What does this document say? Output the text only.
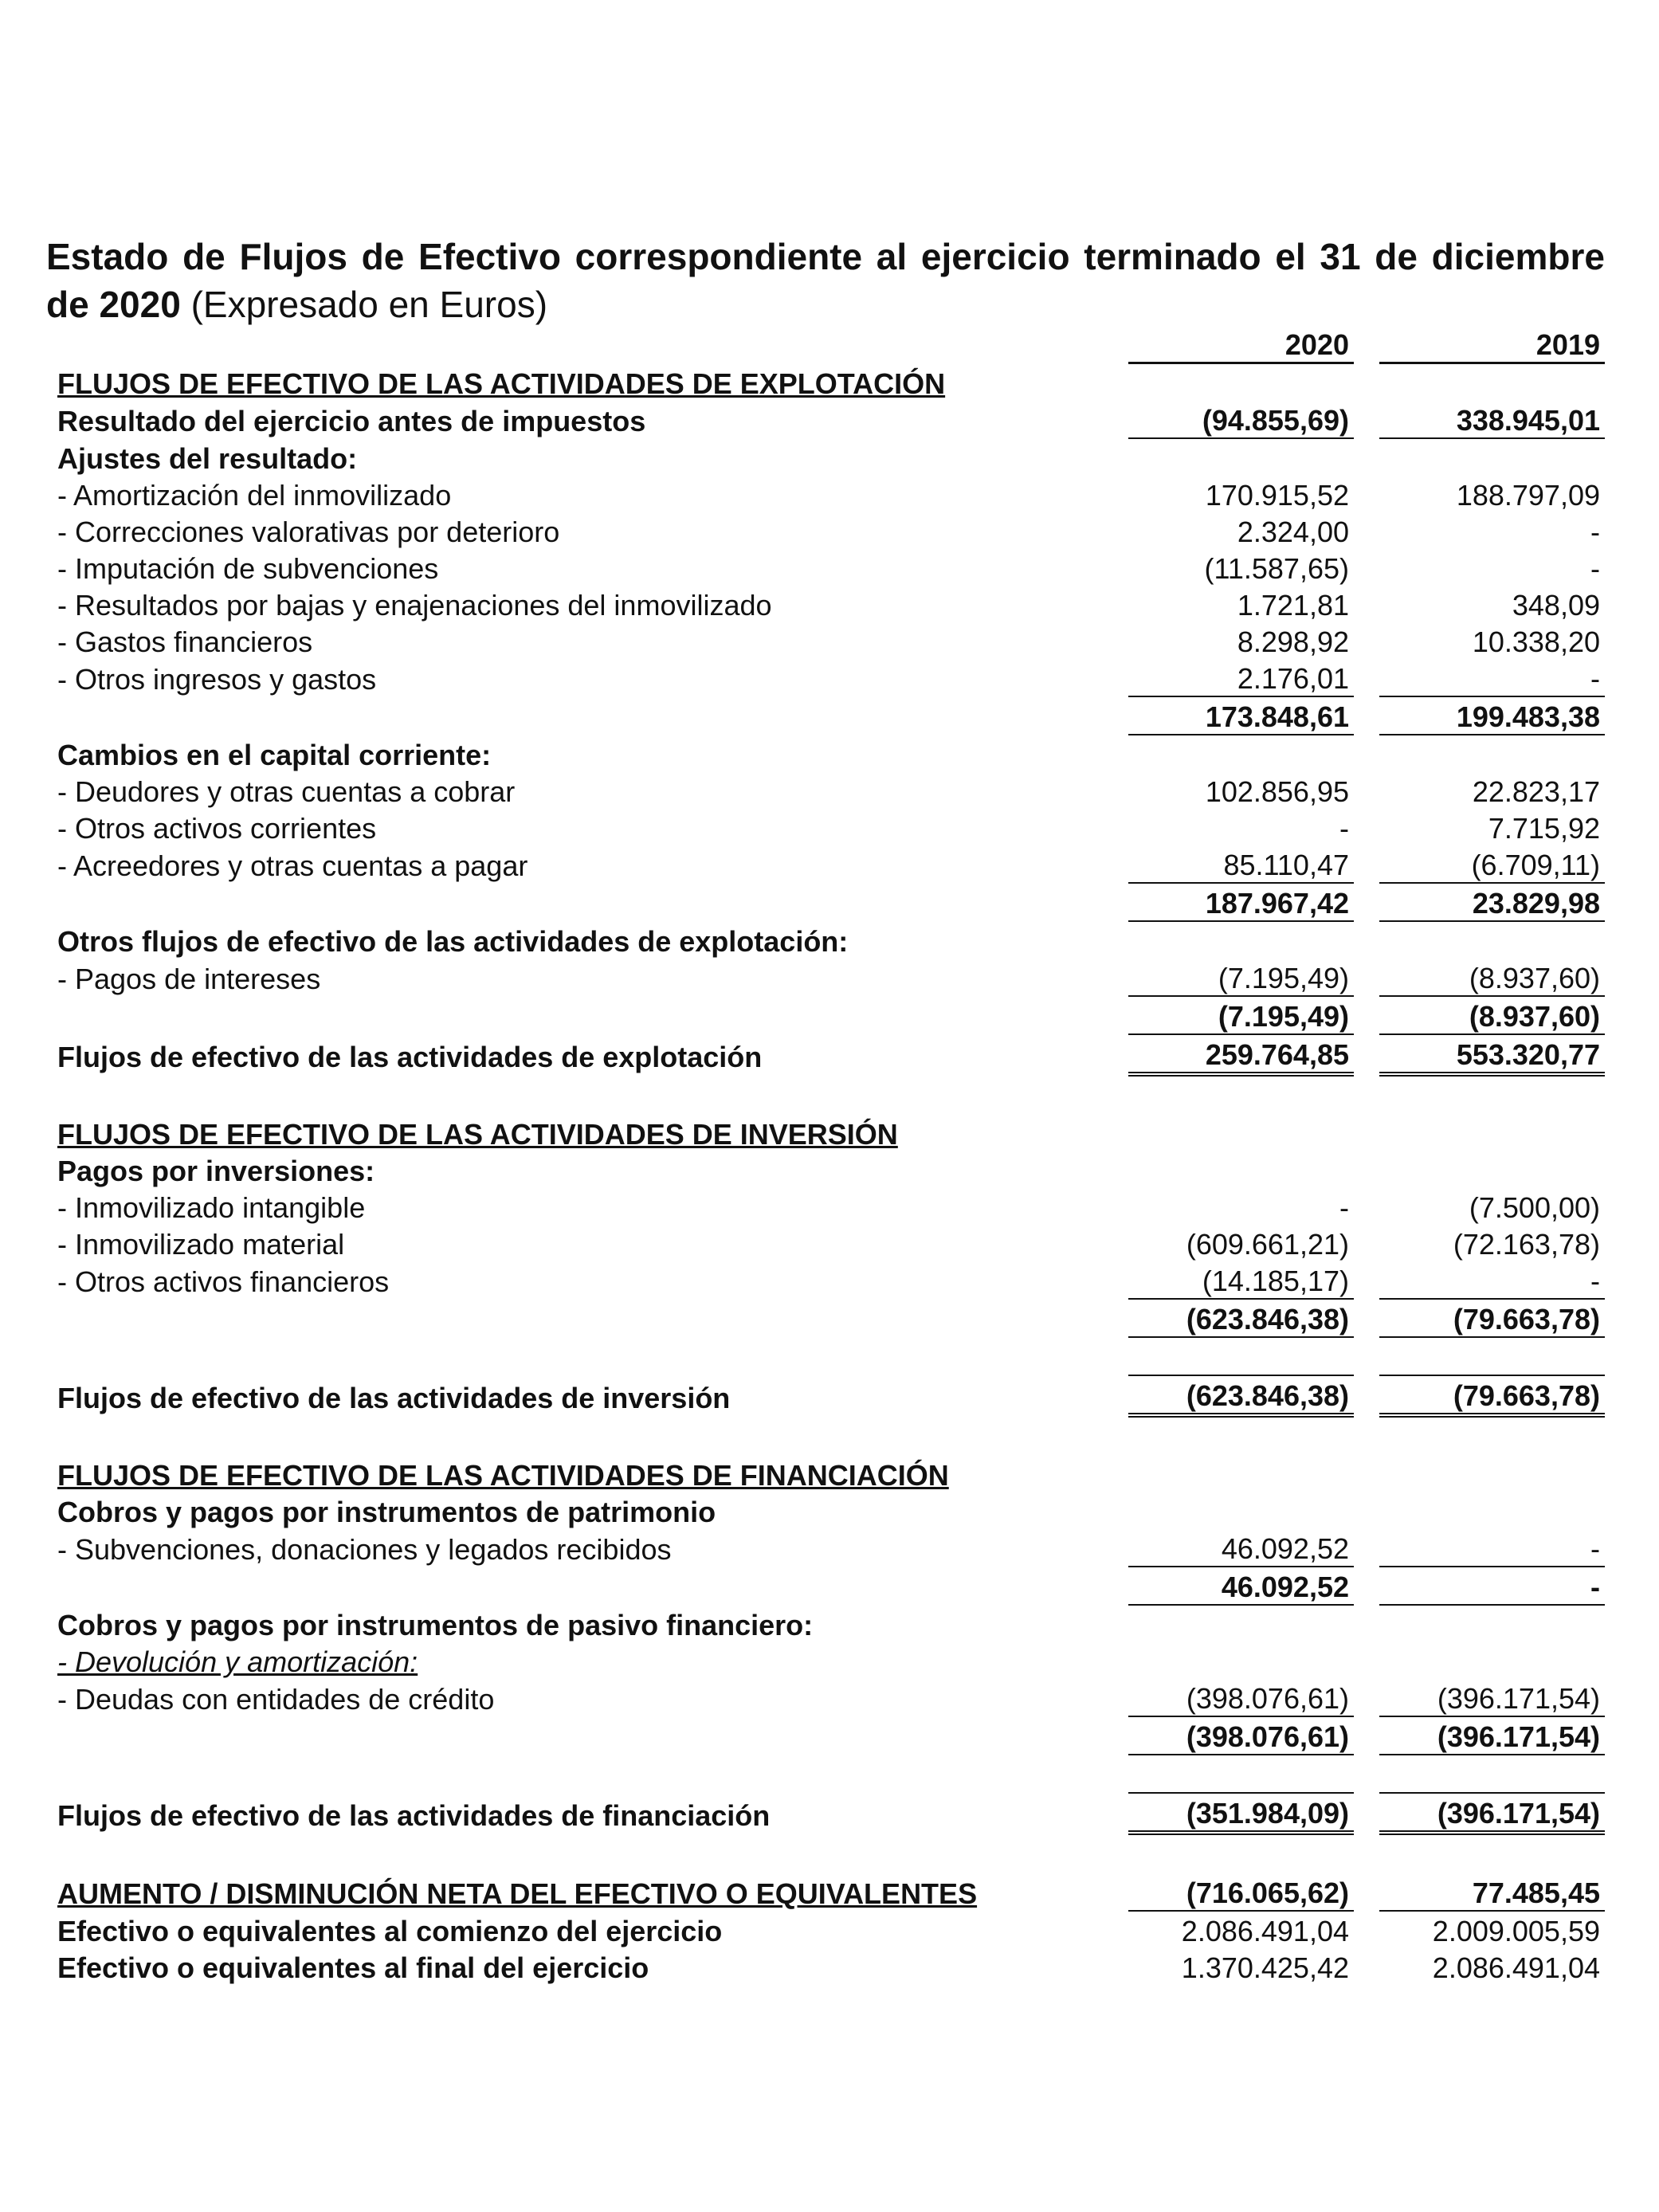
Estado de Flujos de Efectivo correspondiente al ejercicio terminado el 31 de diciembre de 2020 (Expresado en Euros)

	2020		2019
FLUJOS DE EFECTIVO DE LAS ACTIVIDADES DE EXPLOTACIÓN			
Resultado del ejercicio antes de impuestos	(94.855,69)		338.945,01
Ajustes del resultado:			
- Amortización del inmovilizado	170.915,52		188.797,09
- Correcciones valorativas por deterioro	2.324,00		-
- Imputación de subvenciones	(11.587,65)		-
- Resultados por bajas y enajenaciones del inmovilizado	1.721,81		348,09
- Gastos financieros	8.298,92		10.338,20
- Otros ingresos y gastos	2.176,01		-
	173.848,61		199.483,38
Cambios en el capital corriente:			
- Deudores y otras cuentas a cobrar	102.856,95		22.823,17
- Otros activos corrientes	-		7.715,92
- Acreedores y otras cuentas a pagar	85.110,47		(6.709,11)
	187.967,42		23.829,98
Otros flujos de efectivo de las actividades de explotación:			
- Pagos de intereses	(7.195,49)		(8.937,60)
	(7.195,49)		(8.937,60)
Flujos de efectivo de las actividades de explotación	259.764,85		553.320,77

FLUJOS DE EFECTIVO DE LAS ACTIVIDADES DE INVERSIÓN			
Pagos por inversiones:			
- Inmovilizado intangible	-		(7.500,00)
- Inmovilizado material	(609.661,21)		(72.163,78)
- Otros activos financieros	(14.185,17)		-
	(623.846,38)		(79.663,78)

Flujos de efectivo de las actividades de inversión	(623.846,38)		(79.663,78)

FLUJOS DE EFECTIVO DE LAS ACTIVIDADES DE FINANCIACIÓN			
Cobros y pagos por instrumentos de patrimonio			
- Subvenciones, donaciones y legados recibidos	46.092,52		-
	46.092,52		-
Cobros y pagos por instrumentos de pasivo financiero:			
- Devolución y amortización:			
- Deudas con entidades de crédito	(398.076,61)		(396.171,54)
	(398.076,61)		(396.171,54)

Flujos de efectivo de las actividades de financiación	(351.984,09)		(396.171,54)

AUMENTO / DISMINUCIÓN NETA DEL EFECTIVO O EQUIVALENTES	(716.065,62)		77.485,45
Efectivo o equivalentes al comienzo del ejercicio	2.086.491,04		2.009.005,59
Efectivo o equivalentes al final del ejercicio	1.370.425,42		2.086.491,04
